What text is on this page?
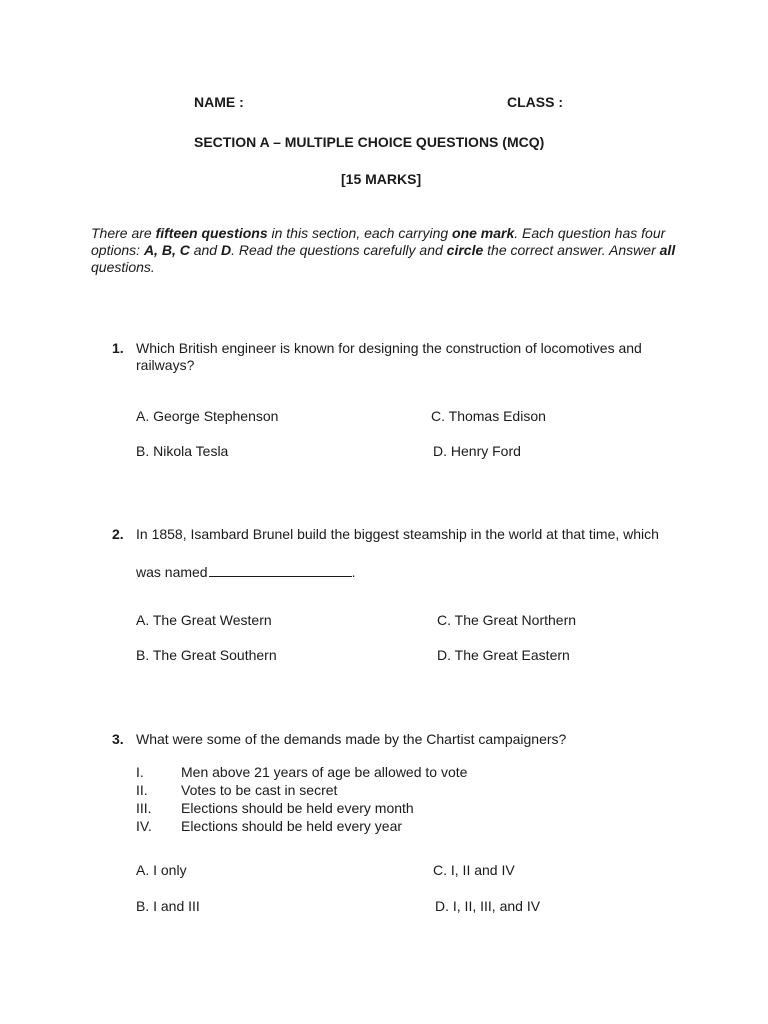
NAME :	CLASS :
SECTION A – MULTIPLE CHOICE QUESTIONS (MCQ)
[15 MARKS]
There are fifteen questions in this section, each carrying one mark. Each question has four options: A, B, C and D. Read the questions carefully and circle the correct answer. Answer all questions.
1. Which British engineer is known for designing the construction of locomotives and railways?
A. George Stephenson	C. Thomas Edison
B. Nikola Tesla	D. Henry Ford
2. In 1858, Isambard Brunel build the biggest steamship in the world at that time, which
was named	.
A. The Great Western	C. The Great Northern
B. The Great Southern	D. The Great Eastern
3. What were some of the demands made by the Chartist campaigners?
I.	Men above 21 years of age be allowed to vote
II. Votes to be cast in secret
III. Elections should be held every month
IV. Elections should be held every year
A. I only	C. I, II and IV
B. I and III	D. I, II, III, and IV
